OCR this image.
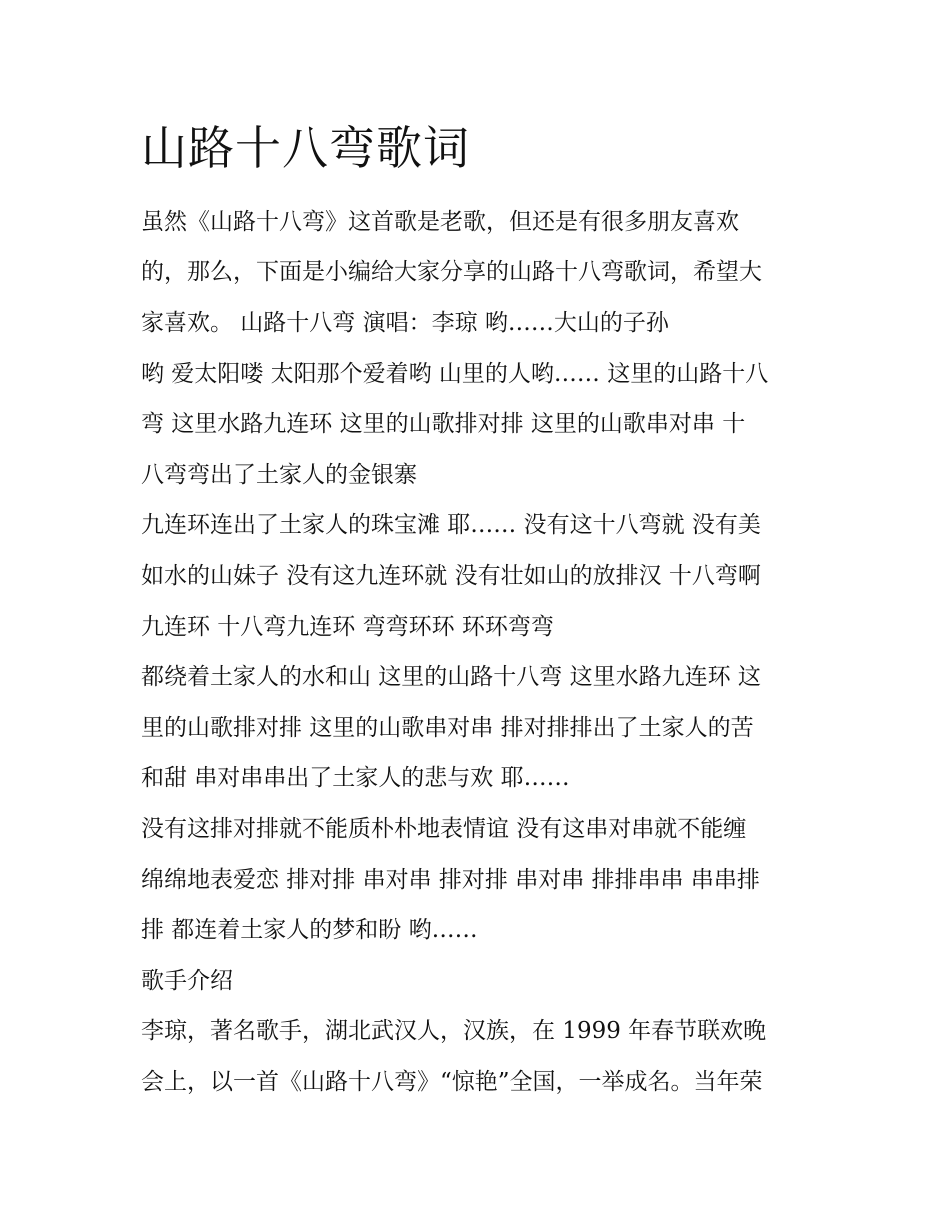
山路十八弯歌词

虽然《山路十八弯》这首歌是老歌，但还是有很多朋友喜欢

的，那么，下面是小编给大家分享的山路十八弯歌词，希望大

家喜欢。 山路十八弯 演唱：李琼 哟……大山的子孙

哟 爱太阳喽 太阳那个爱着哟 山里的人哟…… 这里的山路十八

弯 这里水路九连环 这里的山歌排对排 这里的山歌串对串 十

八弯弯出了土家人的金银寨

九连环连出了土家人的珠宝滩 耶…… 没有这十八弯就 没有美

如水的山妹子 没有这九连环就 没有壮如山的放排汉 十八弯啊

九连环 十八弯九连环 弯弯环环 环环弯弯

都绕着土家人的水和山 这里的山路十八弯 这里水路九连环 这

里的山歌排对排 这里的山歌串对串 排对排排出了土家人的苦

和甜 串对串串出了土家人的悲与欢 耶……

没有这排对排就不能质朴朴地表情谊 没有这串对串就不能缠

绵绵地表爱恋 排对排 串对串 排对排 串对串 排排串串 串串排

排 都连着土家人的梦和盼 哟……

歌手介绍

李琼，著名歌手，湖北武汉人，汉族，在 1999 年春节联欢晚

会上，以一首《山路十八弯》“惊艳”全国，一举成名。当年荣
